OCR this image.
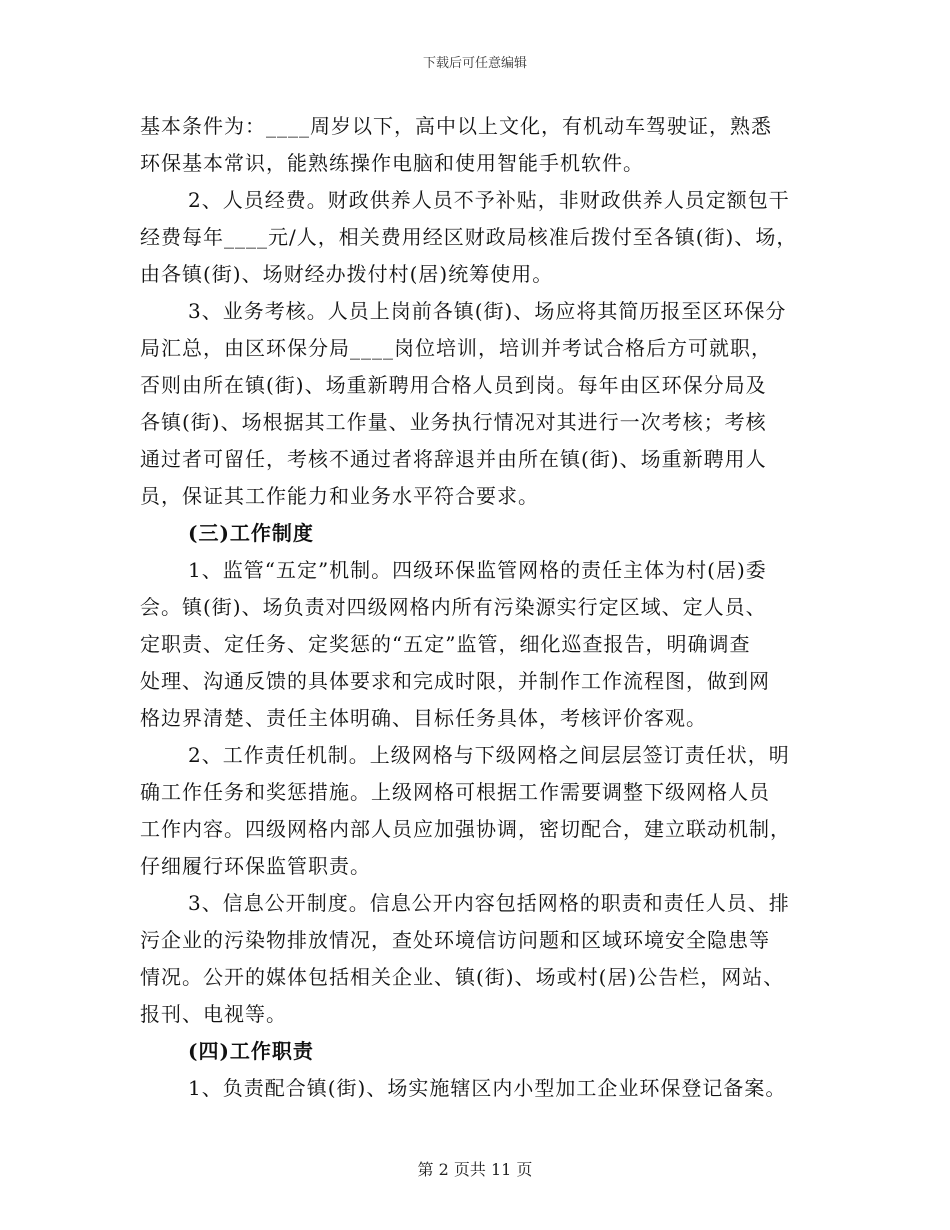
下载后可任意编辑
基本条件为：____周岁以下，高中以上文化，有机动车驾驶证，熟悉
环保基本常识，能熟练操作电脑和使用智能手机软件。
2、人员经费。财政供养人员不予补贴，非财政供养人员定额包干
经费每年____元/人，相关费用经区财政局核准后拨付至各镇(街)、场，
由各镇(街)、场财经办拨付村(居)统筹使用。
3、业务考核。人员上岗前各镇(街)、场应将其简历报至区环保分
局汇总，由区环保分局____岗位培训，培训并考试合格后方可就职，
否则由所在镇(街)、场重新聘用合格人员到岗。每年由区环保分局及
各镇(街)、场根据其工作量、业务执行情况对其进行一次考核；考核
通过者可留任，考核不通过者将辞退并由所在镇(街)、场重新聘用人
员，保证其工作能力和业务水平符合要求。
(三)工作制度
1、监管“五定”机制。四级环保监管网格的责任主体为村(居)委
会。镇(街)、场负责对四级网格内所有污染源实行定区域、定人员、
定职责、定任务、定奖惩的“五定”监管，细化巡查报告，明确调查
处理、沟通反馈的具体要求和完成时限，并制作工作流程图，做到网
格边界清楚、责任主体明确、目标任务具体，考核评价客观。
2、工作责任机制。上级网格与下级网格之间层层签订责任状，明
确工作任务和奖惩措施。上级网格可根据工作需要调整下级网格人员
工作内容。四级网格内部人员应加强协调，密切配合，建立联动机制，
仔细履行环保监管职责。
3、信息公开制度。信息公开内容包括网格的职责和责任人员、排
污企业的污染物排放情况，查处环境信访问题和区域环境安全隐患等
情况。公开的媒体包括相关企业、镇(街)、场或村(居)公告栏，网站、
报刊、电视等。
(四)工作职责
1、负责配合镇(街)、场实施辖区内小型加工企业环保登记备案。
第 2 页共 11 页
